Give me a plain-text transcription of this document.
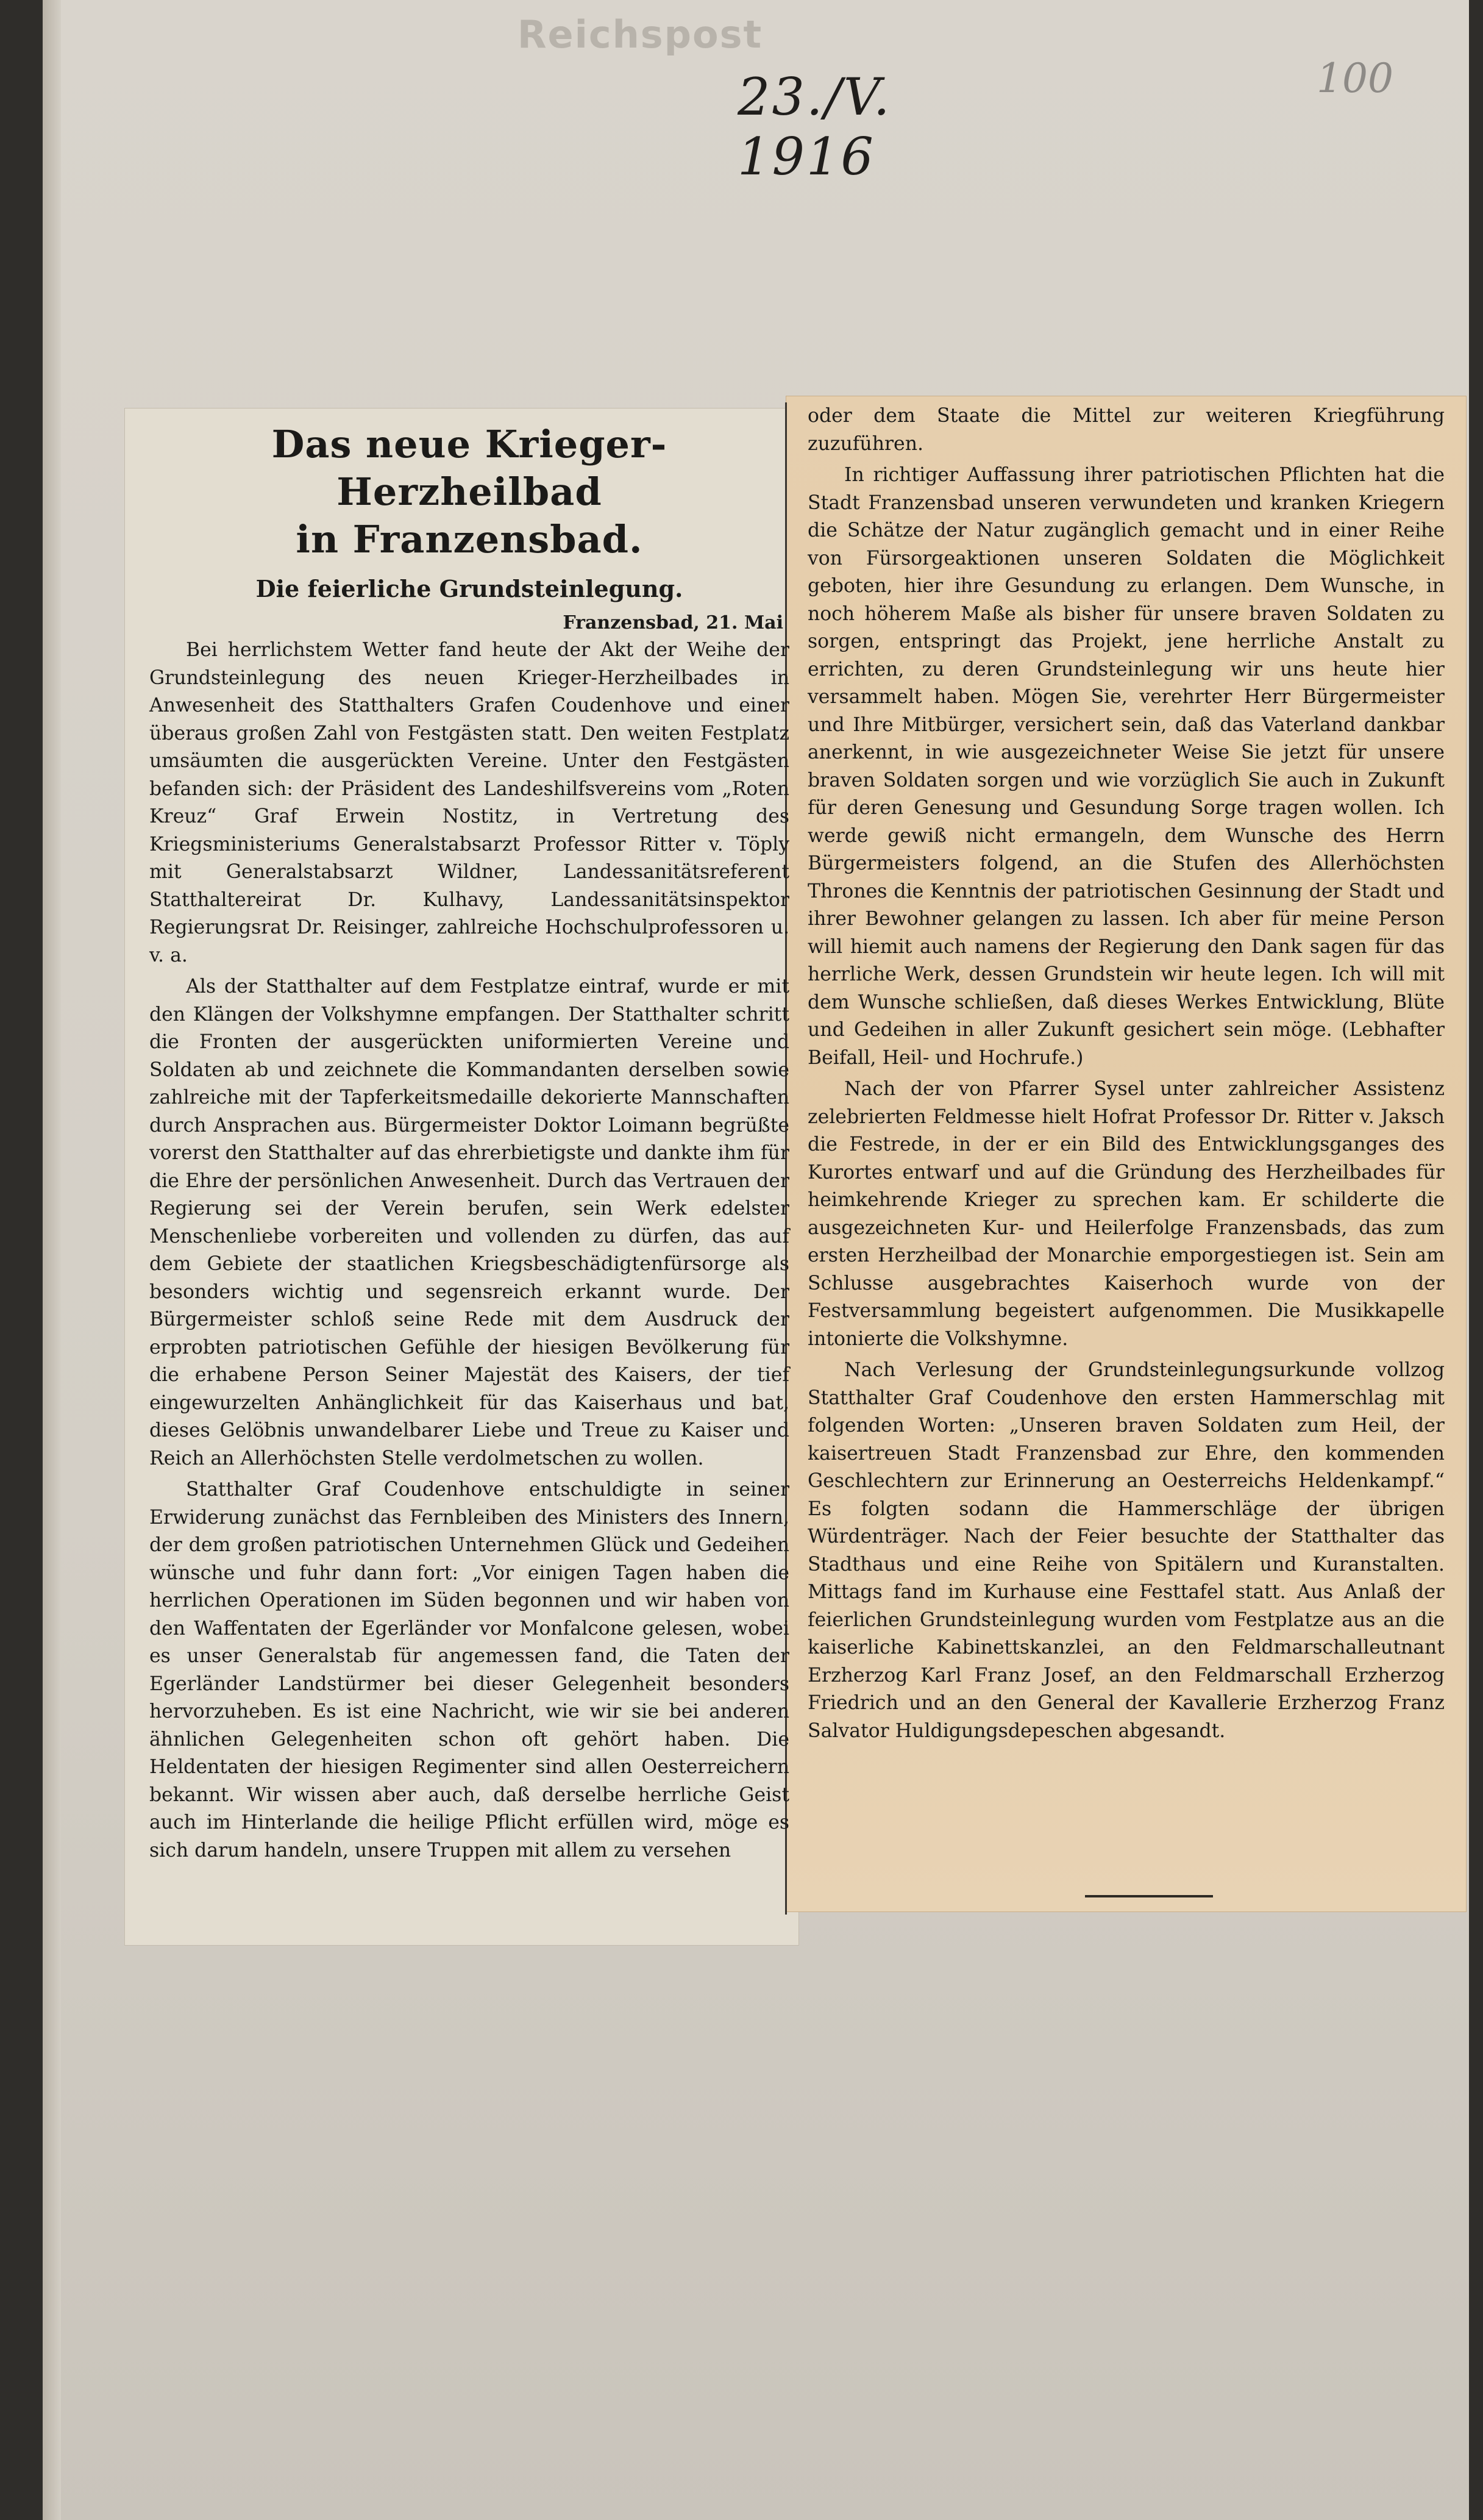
Reichspost
23./V. 1916
100
Das neue Krieger-Herzheilbad
in Franzensbad.
Die feierliche Grundsteinlegung.
Franzensbad, 21. Mai

Bei herrlichstem Wetter fand heute der Akt der Weihe der Grundsteinlegung des neuen Krieger-Herzheilbades in Anwesenheit des Statthalters Grafen Coudenhove und einer überaus großen Zahl von Festgästen statt. Den weiten Festplatz umsäumten die ausgerückten Vereine. Unter den Festgästen befanden sich: der Präsident des Landeshilfsvereins vom „Roten Kreuz“ Graf Erwein Nostitz, in Vertretung des Kriegsministeriums Generalstabsarzt Professor Ritter v. Töply mit Generalstabsarzt Wildner, Landessanitätsreferent Statthaltereirat Dr. Kulhavy, Landessanitätsinspektor Regierungsrat Dr. Reisinger, zahlreiche Hochschulprofessoren u. v. a.

Als der Statthalter auf dem Festplatze eintraf, wurde er mit den Klängen der Volkshymne empfangen. Der Statthalter schritt die Fronten der ausgerückten uniformierten Vereine und Soldaten ab und zeichnete die Kommandanten derselben sowie zahlreiche mit der Tapferkeitsmedaille dekorierte Mannschaften durch Ansprachen aus. Bürgermeister Doktor Loimann begrüßte vorerst den Statthalter auf das ehrerbietigste und dankte ihm für die Ehre der persönlichen Anwesenheit. Durch das Vertrauen der Regierung sei der Verein berufen, sein Werk edelster Menschenliebe vorbereiten und vollenden zu dürfen, das auf dem Gebiete der staatlichen Kriegsbeschädigtenfürsorge als besonders wichtig und segensreich erkannt wurde. Der Bürgermeister schloß seine Rede mit dem Ausdruck der erprobten patriotischen Gefühle der hiesigen Bevölkerung für die erhabene Person Seiner Majestät des Kaisers, der tief eingewurzelten Anhänglichkeit für das Kaiserhaus und bat, dieses Gelöbnis unwandelbarer Liebe und Treue zu Kaiser und Reich an Allerhöchsten Stelle verdolmetschen zu wollen.

Statthalter Graf Coudenhove entschuldigte in seiner Erwiderung zunächst das Fernbleiben des Ministers des Innern, der dem großen patriotischen Unternehmen Glück und Gedeihen wünsche und fuhr dann fort: „Vor einigen Tagen haben die herrlichen Operationen im Süden begonnen und wir haben von den Waffentaten der Egerländer vor Monfalcone gelesen, wobei es unser Generalstab für angemessen fand, die Taten der Egerländer Landstürmer bei dieser Gelegenheit besonders hervorzuheben. Es ist eine Nachricht, wie wir sie bei anderen ähnlichen Gelegenheiten schon oft gehört haben. Die Heldentaten der hiesigen Regimenter sind allen Oesterreichern bekannt. Wir wissen aber auch, daß derselbe herrliche Geist auch im Hinterlande die heilige Pflicht erfüllen wird, möge es sich darum handeln, unsere Truppen mit allem zu versehen

oder dem Staate die Mittel zur weiteren Kriegführung zuzuführen.

In richtiger Auffassung ihrer patriotischen Pflichten hat die Stadt Franzensbad unseren verwundeten und kranken Kriegern die Schätze der Natur zugänglich gemacht und in einer Reihe von Fürsorgeaktionen unseren Soldaten die Möglichkeit geboten, hier ihre Gesundung zu erlangen. Dem Wunsche, in noch höherem Maße als bisher für unsere braven Soldaten zu sorgen, entspringt das Projekt, jene herrliche Anstalt zu errichten, zu deren Grundsteinlegung wir uns heute hier versammelt haben. Mögen Sie, verehrter Herr Bürgermeister und Ihre Mitbürger, versichert sein, daß das Vaterland dankbar anerkennt, in wie ausgezeichneter Weise Sie jetzt für unsere braven Soldaten sorgen und wie vorzüglich Sie auch in Zukunft für deren Genesung und Gesundung Sorge tragen wollen. Ich werde gewiß nicht ermangeln, dem Wunsche des Herrn Bürgermeisters folgend, an die Stufen des Allerhöchsten Thrones die Kenntnis der patriotischen Gesinnung der Stadt und ihrer Bewohner gelangen zu lassen. Ich aber für meine Person will hiemit auch namens der Regierung den Dank sagen für das herrliche Werk, dessen Grundstein wir heute legen. Ich will mit dem Wunsche schließen, daß dieses Werkes Entwicklung, Blüte und Gedeihen in aller Zukunft gesichert sein möge. (Lebhafter Beifall, Heil- und Hochrufe.)

Nach der von Pfarrer Sysel unter zahlreicher Assistenz zelebrierten Feldmesse hielt Hofrat Professor Dr. Ritter v. Jaksch die Festrede, in der er ein Bild des Entwicklungsganges des Kurortes entwarf und auf die Gründung des Herzheilbades für heimkehrende Krieger zu sprechen kam. Er schilderte die ausgezeichneten Kur- und Heilerfolge Franzensbads, das zum ersten Herzheilbad der Monarchie emporgestiegen ist. Sein am Schlusse ausgebrachtes Kaiserhoch wurde von der Festversammlung begeistert aufgenommen. Die Musikkapelle intonierte die Volkshymne.

Nach Verlesung der Grundsteinlegungsurkunde vollzog Statthalter Graf Coudenhove den ersten Hammerschlag mit folgenden Worten: „Unseren braven Soldaten zum Heil, der kaisertreuen Stadt Franzensbad zur Ehre, den kommenden Geschlechtern zur Erinnerung an Oesterreichs Heldenkampf.“ Es folgten sodann die Hammerschläge der übrigen Würdenträger. Nach der Feier besuchte der Statthalter das Stadthaus und eine Reihe von Spitälern und Kuranstalten. Mittags fand im Kurhause eine Festtafel statt. Aus Anlaß der feierlichen Grundsteinlegung wurden vom Festplatze aus an die kaiserliche Kabinettskanzlei, an den Feldmarschalleutnant Erzherzog Karl Franz Josef, an den Feldmarschall Erzherzog Friedrich und an den General der Kavallerie Erzherzog Franz Salvator Huldigungsdepeschen abgesandt.
